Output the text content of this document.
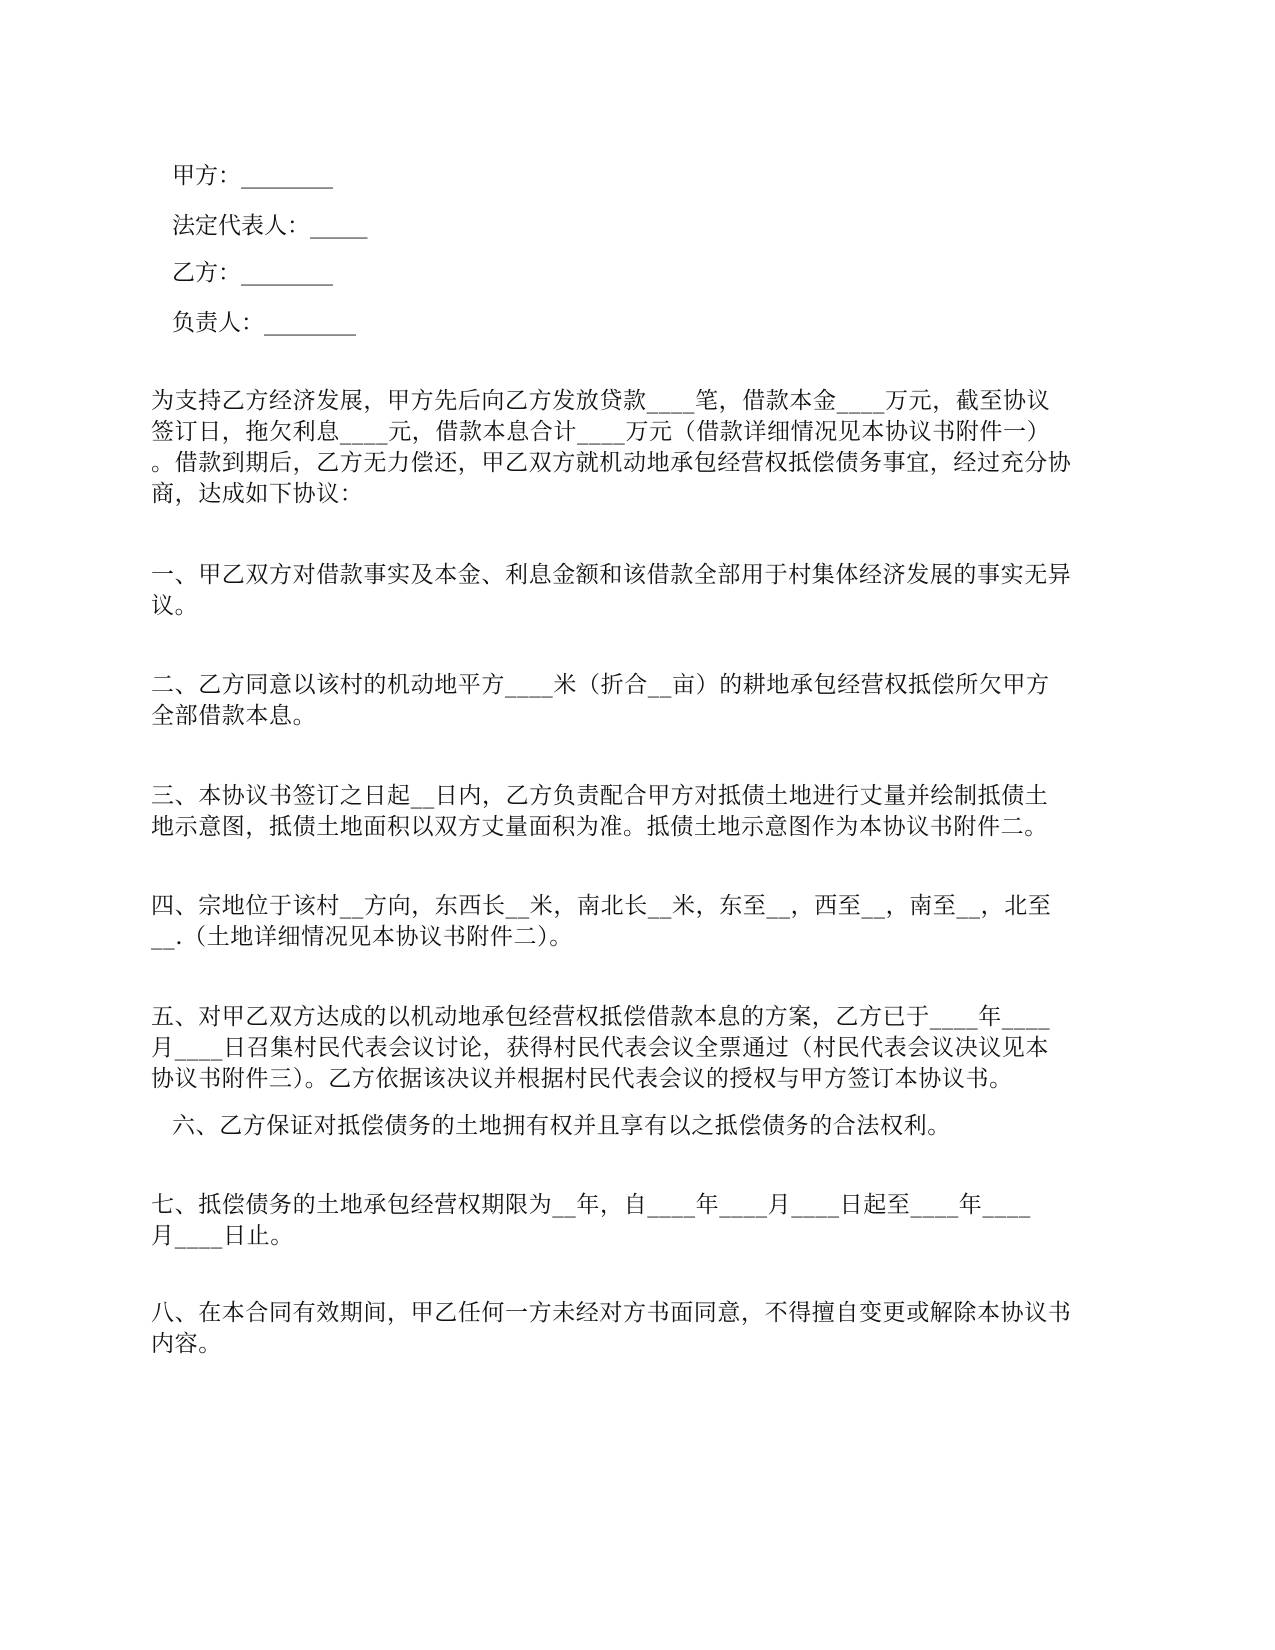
甲方：________
法定代表人：_____
乙方：________
负责人：________
为支持乙方经济发展，甲方先后向乙方发放贷款____笔，借款本金____万元，截至协议
签订日，拖欠利息____元，借款本息合计____万元（借款详细情况见本协议书附件一）
。借款到期后，乙方无力偿还，甲乙双方就机动地承包经营权抵偿债务事宜，经过充分协
商，达成如下协议：
一、甲乙双方对借款事实及本金、利息金额和该借款全部用于村集体经济发展的事实无异
议。
二、乙方同意以该村的机动地平方____米（折合__亩）的耕地承包经营权抵偿所欠甲方
全部借款本息。
三、本协议书签订之日起__日内，乙方负责配合甲方对抵债土地进行丈量并绘制抵债土
地示意图，抵债土地面积以双方丈量面积为准。抵债土地示意图作为本协议书附件二。
四、宗地位于该村__方向，东西长__米，南北长__米，东至__，西至__，南至__，北至
__.（土地详细情况见本协议书附件二）。
五、对甲乙双方达成的以机动地承包经营权抵偿借款本息的方案，乙方已于____年____
月____日召集村民代表会议讨论，获得村民代表会议全票通过（村民代表会议决议见本
协议书附件三）。乙方依据该决议并根据村民代表会议的授权与甲方签订本协议书。
六、乙方保证对抵偿债务的土地拥有权并且享有以之抵偿债务的合法权利。
七、抵偿债务的土地承包经营权期限为__年，自____年____月____日起至____年____
月____日止。
八、在本合同有效期间，甲乙任何一方未经对方书面同意，不得擅自变更或解除本协议书
内容。
